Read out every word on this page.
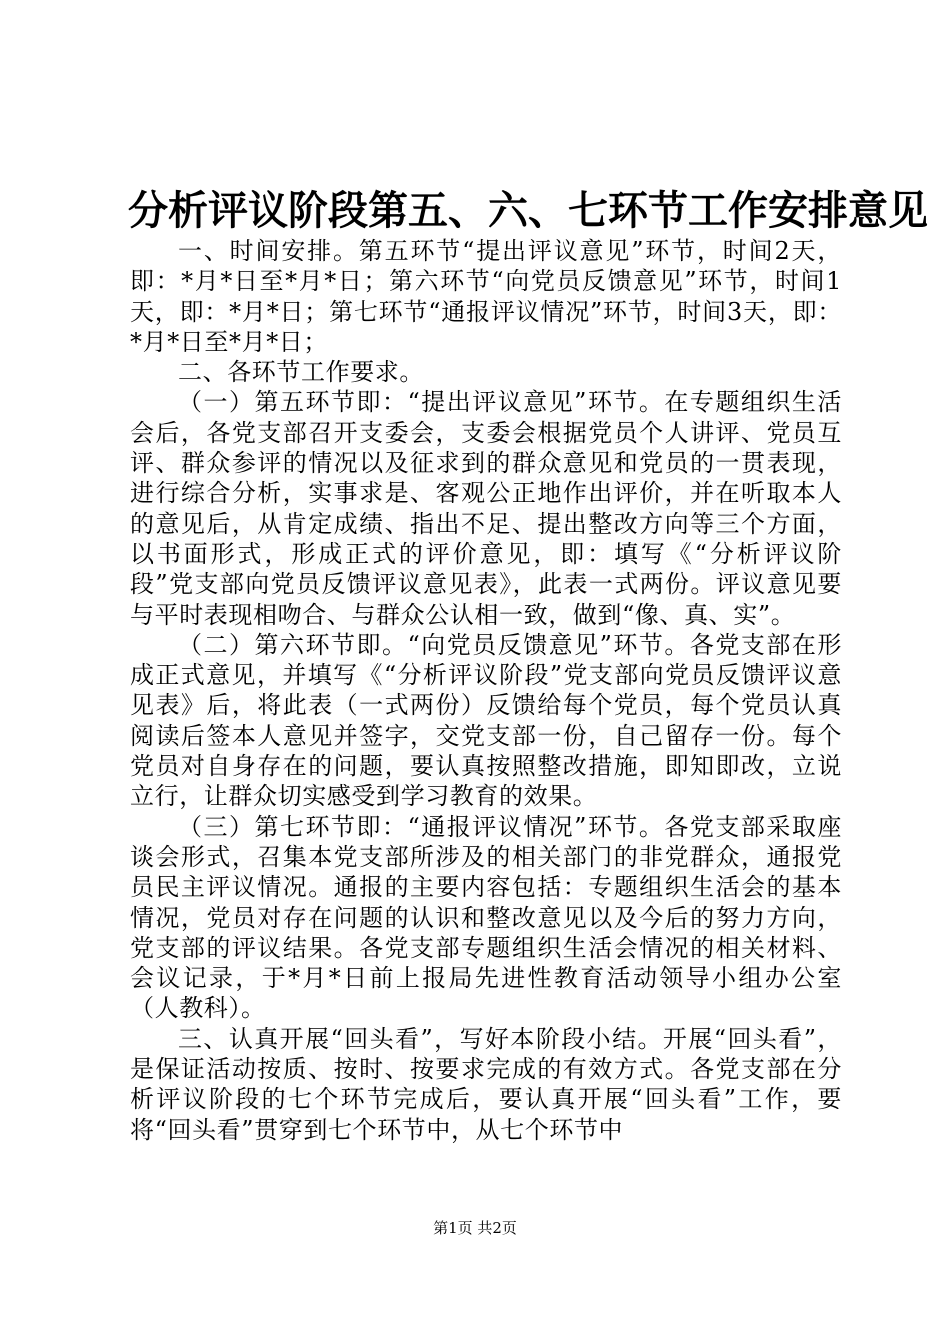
分析评议阶段第五、六、七环节工作安排意见

一、时间安排。第五环节“提出评议意见”环节，时间2天，即：*月*日至*月*日；第六环节“向党员反馈意见”环节，时间1天，即：*月*日；第七环节“通报评议情况”环节，时间3天，即：*月*日至*月*日；

二、各环节工作要求。

（一）第五环节即：“提出评议意见”环节。在专题组织生活会后，各党支部召开支委会，支委会根据党员个人讲评、党员互评、群众参评的情况以及征求到的群众意见和党员的一贯表现，进行综合分析，实事求是、客观公正地作出评价，并在听取本人的意见后，从肯定成绩、指出不足、提出整改方向等三个方面，以书面形式，形成正式的评价意见，即：填写《“分析评议阶段”党支部向党员反馈评议意见表》，此表一式两份。评议意见要与平时表现相吻合、与群众公认相一致，做到“像、真、实”。

（二）第六环节即。“向党员反馈意见”环节。各党支部在形成正式意见，并填写《“分析评议阶段”党支部向党员反馈评议意见表》后，将此表（一式两份）反馈给每个党员，每个党员认真阅读后签本人意见并签字，交党支部一份，自己留存一份。每个党员对自身存在的问题，要认真按照整改措施，即知即改，立说立行，让群众切实感受到学习教育的效果。

（三）第七环节即：“通报评议情况”环节。各党支部采取座谈会形式，召集本党支部所涉及的相关部门的非党群众，通报党员民主评议情况。通报的主要内容包括：专题组织生活会的基本情况，党员对存在问题的认识和整改意见以及今后的努力方向，党支部的评议结果。各党支部专题组织生活会情况的相关材料、会议记录，于*月*日前上报局先进性教育活动领导小组办公室（人教科）。

三、认真开展“回头看”，写好本阶段小结。开展“回头看”，是保证活动按质、按时、按要求完成的有效方式。各党支部在分析评议阶段的七个环节完成后，要认真开展“回头看”工作，要将“回头看”贯穿到七个环节中，从七个环节中

第1页 共2页
